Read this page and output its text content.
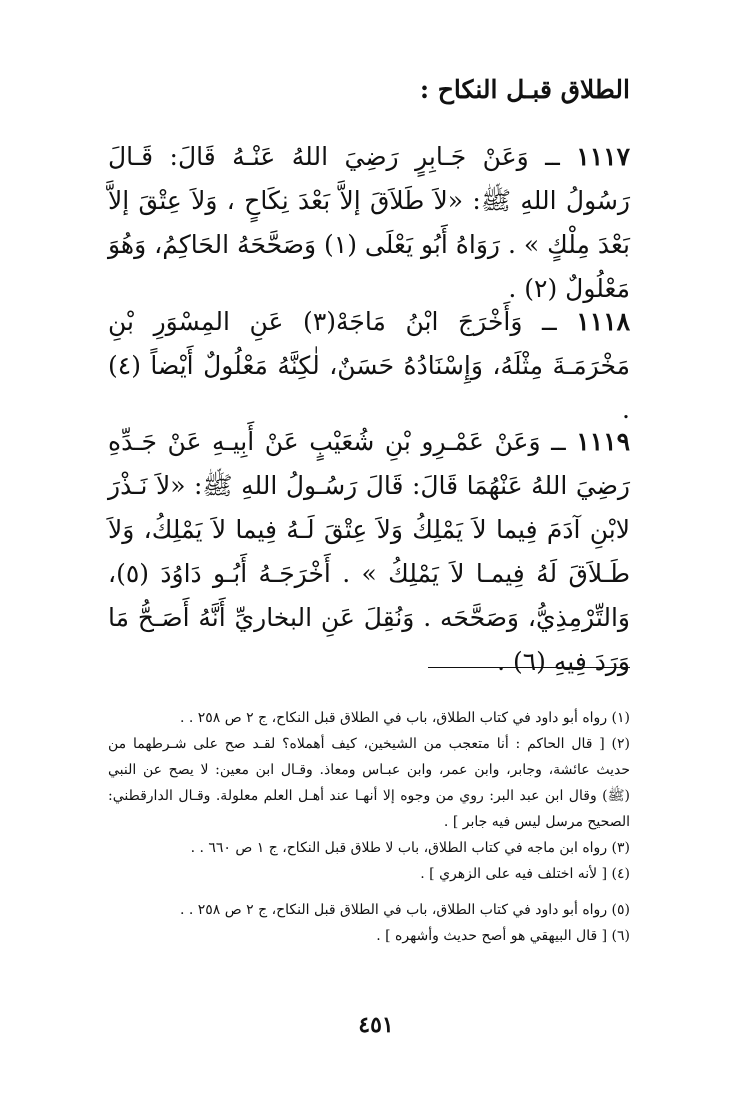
الطلاق قبـل النكاح :
١١١٧ ــ وَعَنْ جَـابِرٍ رَضِيَ اللهُ عَنْـهُ قَالَ: قَـالَ رَسُولُ اللهِ ﷺ: «لاَ طَلاَقَ إلاَّ بَعْدَ نِكَاحٍ ، وَلاَ عِتْقَ إلاَّ بَعْدَ مِلْكٍ » . رَوَاهُ أَبُو يَعْلَى (١) وَصَحَّحَهُ الحَاكِمُ، وَهُوَ مَعْلُولٌ (٢) .
١١١٨ ــ وَأَخْرَجَ ابْنُ مَاجَهْ(٣) عَنِ المِسْوَرِ بْنِ مَخْرَمَـةَ مِثْلَهُ، وَإِسْنَادُهُ حَسَنٌ، لٰكِنَّهُ مَعْلُولٌ أَيْضاً (٤) .
١١١٩ ــ وَعَنْ عَمْـرِو بْنِ شُعَيْبٍ عَنْ أَبِيـهِ عَنْ جَـدِّهِ رَضِيَ اللهُ عَنْهُمَا قَالَ: قَالَ رَسُـولُ اللهِ ﷺ: «لاَ نَـذْرَ لابْنِ آدَمَ فِيما لاَ يَمْلِكُ وَلاَ عِتْقَ لَـهُ فِيما لاَ يَمْلِكُ، وَلاَ طَـلاَقَ لَهُ فِيمـا لاَ يَمْلِكُ » . أَخْرَجَـهُ أَبُـو دَاوُدَ (٥)، وَالتِّرْمِذِيُّ، وَصَحَّحَه . وَنُقِلَ عَنِ البخاريِّ أَنَّهُ أَصَـحُّ مَا وَرَدَ فِيهِ (٦) .
(١) رواه أبو داود في كتاب الطلاق، باب في الطلاق قبل النكاح، ج ٢ ص ٢٥٨ . .
(٢) [ قال الحاكم : أنا متعجب من الشيخين، كيف أهملاه؟ لقـد صح على شـرطهما من حديث عائشة، وجابر، وابن عمر، وابن عبـاس ومعاذ. وقـال ابن معين: لا يصح عن النبي (ﷺ) وقال ابن عبد البر: روي من وجوه إلا أنهـا عند أهـل العلم معلولة. وقـال الدارقطني: الصحيح مرسل ليس فيه جابر ] .
(٣) رواه ابن ماجه في كتاب الطلاق، باب لا طلاق قبل النكاح، ج ١ ص ٦٦٠ . .
(٤) [ لأنه اختلف فيه على الزهري ] .
(٥) رواه أبو داود في كتاب الطلاق، باب في الطلاق قبل النكاح، ج ٢ ص ٢٥٨ . .
(٦) [ قال البيهقي هو أصح حديث وأشهره ] .
٤٥١
